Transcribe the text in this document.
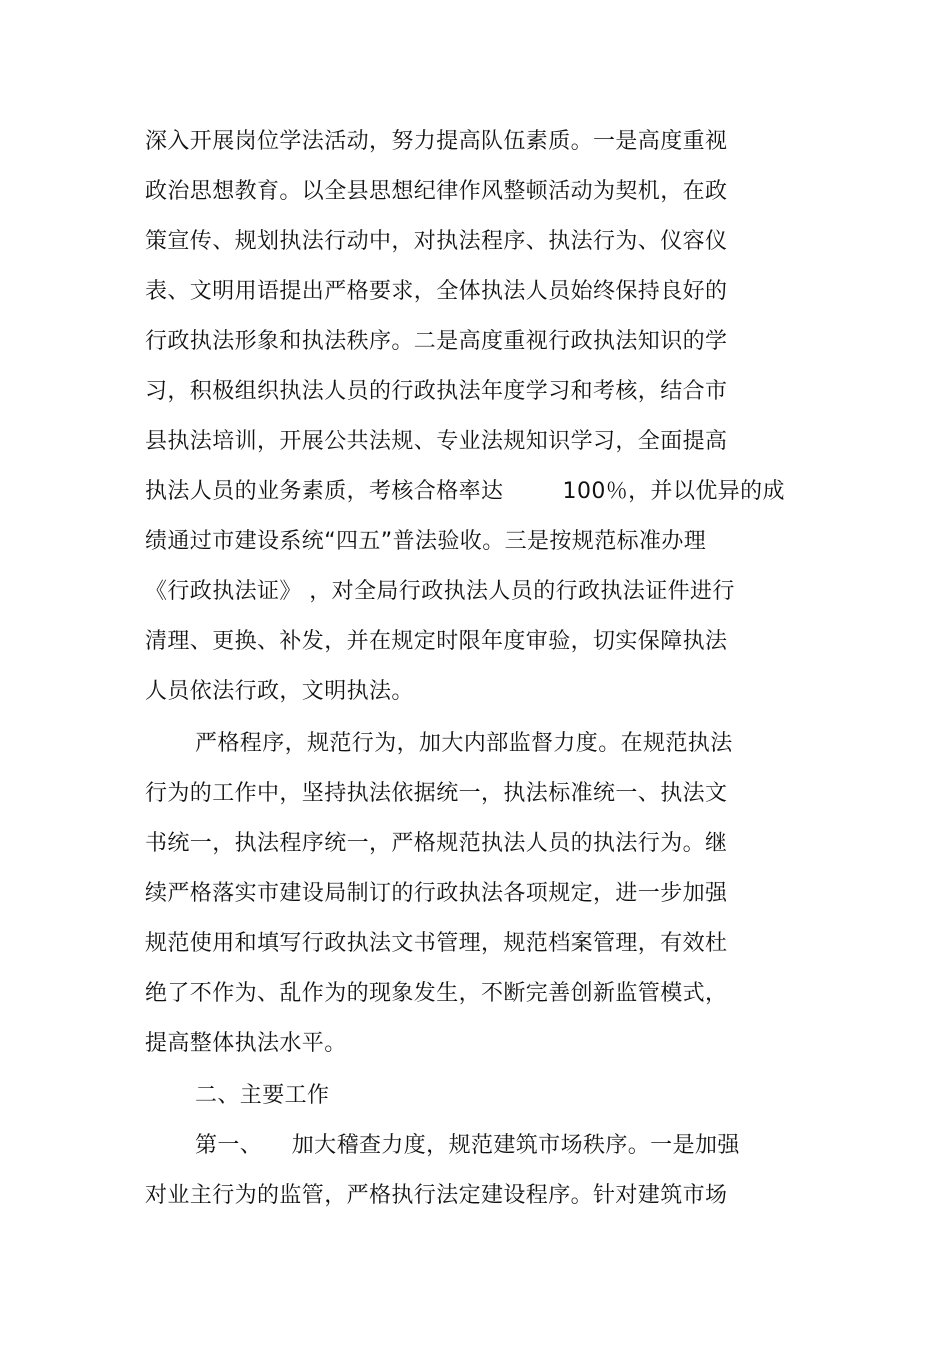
深入开展岗位学法活动，努力提高队伍素质。一是高度重视
政治思想教育。以全县思想纪律作风整顿活动为契机，在政
策宣传、规划执法行动中，对执法程序、执法行为、仪容仪
表、文明用语提出严格要求，全体执法人员始终保持良好的
行政执法形象和执法秩序。二是高度重视行政执法知识的学
习，积极组织执法人员的行政执法年度学习和考核，结合市
县执法培训，开展公共法规、专业法规知识学习，全面提高
执法人员的业务素质，考核合格率达        100％，并以优异的成
绩通过市建设系统“四五”普法验收。三是按规范标准办理
《行政执法证》 ，对全局行政执法人员的行政执法证件进行
清理、更换、补发，并在规定时限年度审验，切实保障执法
人员依法行政，文明执法。
严格程序，规范行为，加大内部监督力度。在规范执法
行为的工作中，坚持执法依据统一，执法标准统一、执法文
书统一，执法程序统一，严格规范执法人员的执法行为。继
续严格落实市建设局制订的行政执法各项规定，进一步加强
规范使用和填写行政执法文书管理，规范档案管理，有效杜
绝了不作为、乱作为的现象发生，不断完善创新监管模式，
提高整体执法水平。
二、主要工作
第一、    加大稽查力度，规范建筑市场秩序。一是加强
对业主行为的监管，严格执行法定建设程序。针对建筑市场
